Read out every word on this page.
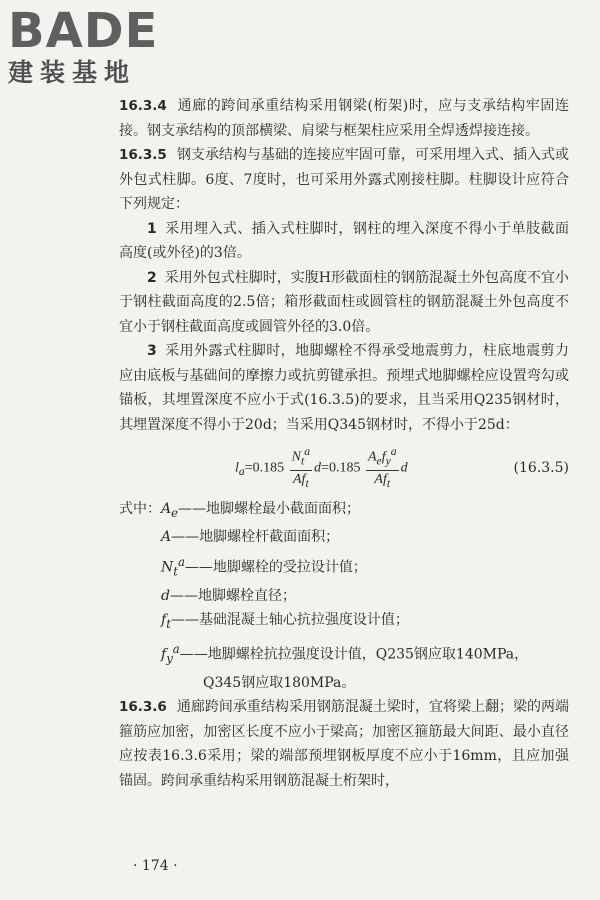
BADE
建装基地

16.3.4 通廊的跨间承重结构采用钢梁(桁架)时，应与支承结构牢固连接。钢支承结构的顶部横梁、肩梁与框架柱应采用全焊透焊接连接。

16.3.5 钢支承结构与基础的连接应牢固可靠，可采用埋入式、插入式或外包式柱脚。6度、7度时，也可采用外露式刚接柱脚。柱脚设计应符合下列规定：

1 采用埋入式、插入式柱脚时，钢柱的埋入深度不得小于单肢截面高度(或外径)的3倍。

2 采用外包式柱脚时，实腹H形截面柱的钢筋混凝土外包高度不宜小于钢柱截面高度的2.5倍；箱形截面柱或圆管柱的钢筋混凝土外包高度不宜小于钢柱截面高度或圆管外径的3.0倍。

3 采用外露式柱脚时，地脚螺栓不得承受地震剪力，柱底地震剪力应由底板与基础间的摩擦力或抗剪键承担。预埋式地脚螺栓应设置弯勾或锚板，其埋置深度不应小于式(16.3.5)的要求，且当采用Q235钢材时，其埋置深度不得小于20d；当采用Q345钢材时，不得小于25d：

$l_a=0.185 \frac{N_t^a}{Af_t} d=0.185 \frac{A_ef_y^a}{Af_t}$ d	(16.3.5)

式中：$A_e——$地脚螺栓最小截面面积；

A——地脚螺栓杆截面面积；

$N_t^a——$地脚螺栓的受拉设计值；

d——地脚螺栓直径；

$f_t——$基础混凝土轴心抗拉强度设计值；

$f_y^a——$地脚螺栓抗拉强度设计值，Q235钢应取140MPa，

Q345钢应取180MPa。

16.3.6 通廊跨间承重结构采用钢筋混凝土梁时，宜将梁上翻；梁的两端箍筋应加密，加密区长度不应小于梁高；加密区箍筋最大间距、最小直径应按表16.3.6采用；梁的端部预埋钢板厚度不应小于16mm，且应加强锚固。跨间承重结构采用钢筋混凝土桁架时，

· 174 ·
